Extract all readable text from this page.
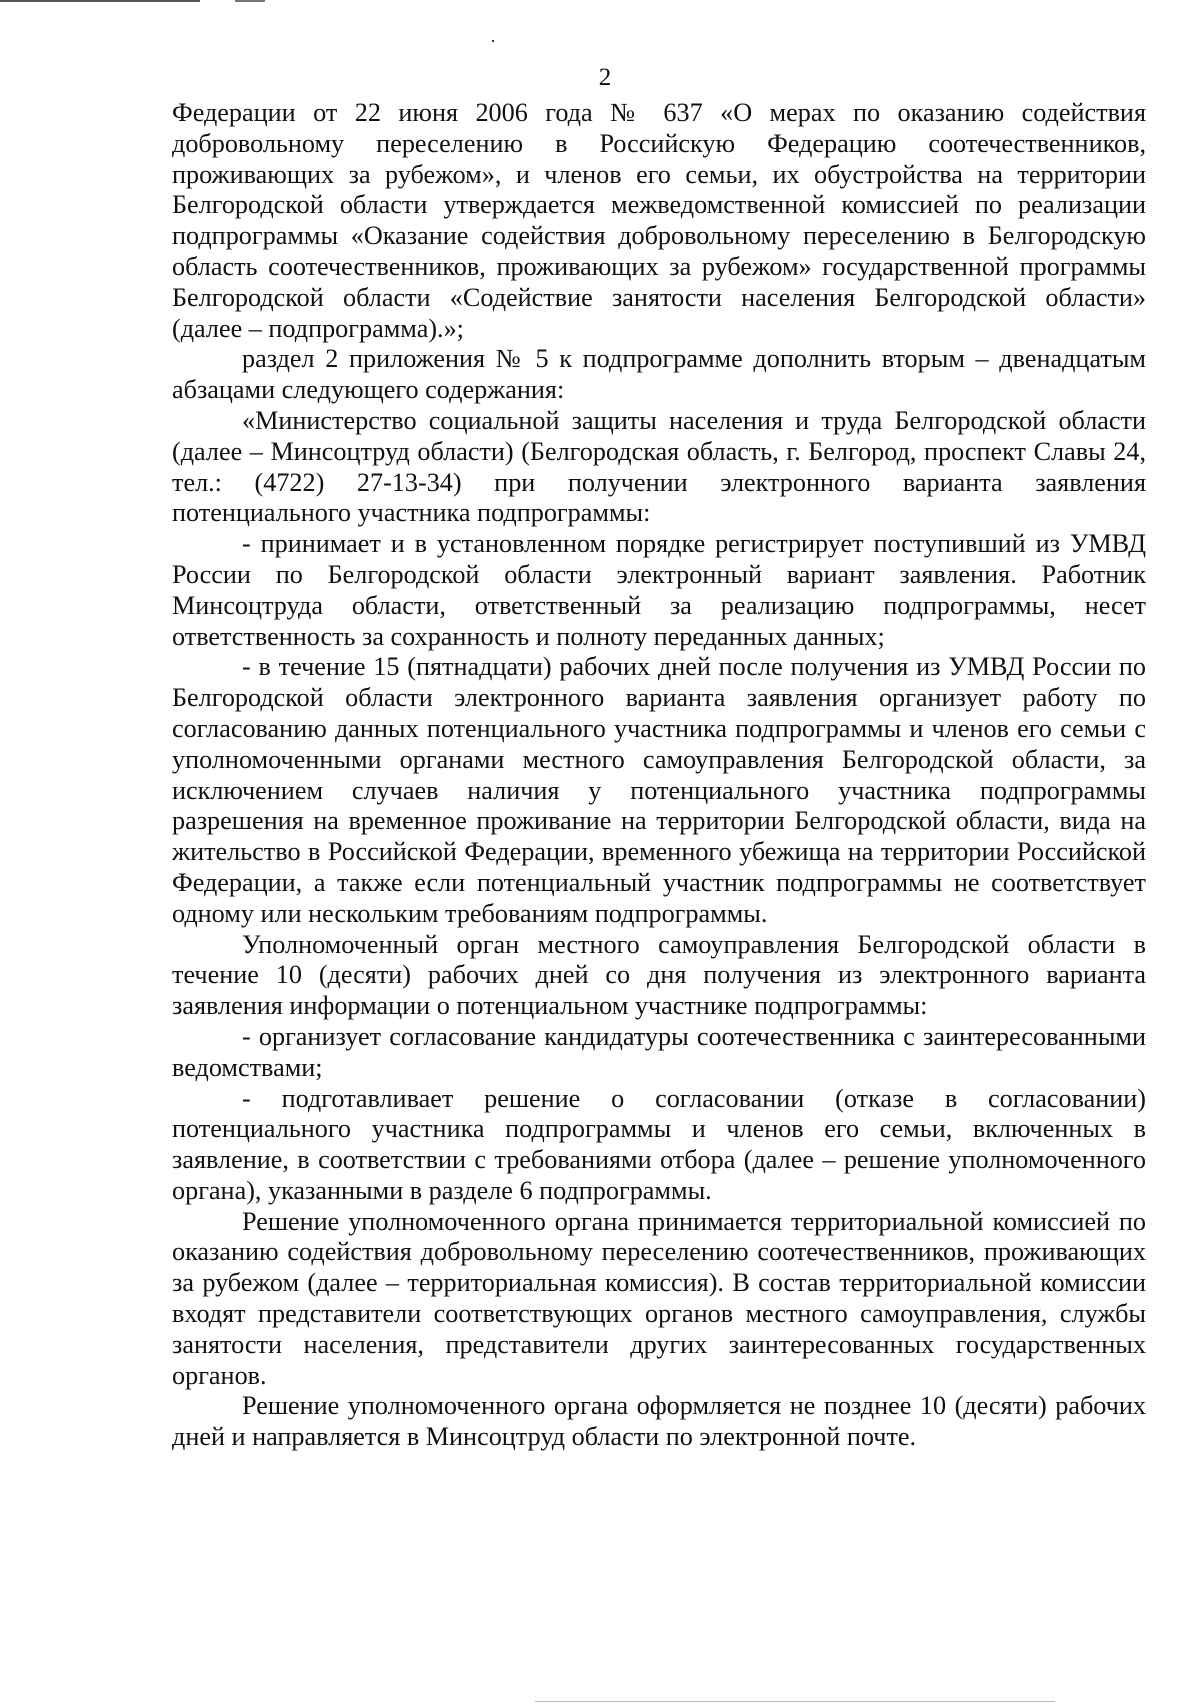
2

Федерации от 22 июня 2006 года № 637 «О мерах по оказанию содействия добровольному переселению в Российскую Федерацию соотечественников, проживающих за рубежом», и членов его семьи, их обустройства на территории Белгородской области утверждается межведомственной комиссией по реализации подпрограммы «Оказание содействия добровольному переселению в Белгородскую область соотечественников, проживающих за рубежом» государственной программы Белгородской области «Содействие занятости населения Белгородской области» (далее – подпрограмма).»;

раздел 2 приложения № 5 к подпрограмме дополнить вторым – двенадцатым абзацами следующего содержания:

«Министерство социальной защиты населения и труда Белгородской области (далее – Минсоцтруд области) (Белгородская область, г. Белгород, проспект Славы 24, тел.: (4722) 27-13-34) при получении электронного варианта заявления потенциального участника подпрограммы:

- принимает и в установленном порядке регистрирует поступивший из УМВД России по Белгородской области электронный вариант заявления. Работник Минсоцтруда области, ответственный за реализацию подпрограммы, несет ответственность за сохранность и полноту переданных данных;

- в течение 15 (пятнадцати) рабочих дней после получения из УМВД России по Белгородской области электронного варианта заявления организует работу по согласованию данных потенциального участника подпрограммы и членов его семьи с уполномоченными органами местного самоуправления Белгородской области, за исключением случаев наличия у потенциального участника подпрограммы разрешения на временное проживание на территории Белгородской области, вида на жительство в Российской Федерации, временного убежища на территории Российской Федерации, а также если потенциальный участник подпрограммы не соответствует одному или нескольким требованиям подпрограммы.

Уполномоченный орган местного самоуправления Белгородской области в течение 10 (десяти) рабочих дней со дня получения из электронного варианта заявления информации о потенциальном участнике подпрограммы:

- организует согласование кандидатуры соотечественника с заинтересованными ведомствами;

- подготавливает решение о согласовании (отказе в согласовании) потенциального участника подпрограммы и членов его семьи, включенных в заявление, в соответствии с требованиями отбора (далее – решение уполномоченного органа), указанными в разделе 6 подпрограммы.

Решение уполномоченного органа принимается территориальной комиссией по оказанию содействия добровольному переселению соотечественников, проживающих за рубежом (далее – территориальная комиссия). В состав территориальной комиссии входят представители соответствующих органов местного самоуправления, службы занятости населения, представители других заинтересованных государственных органов.

Решение уполномоченного органа оформляется не позднее 10 (десяти) рабочих дней и направляется в Минсоцтруд области по электронной почте.
